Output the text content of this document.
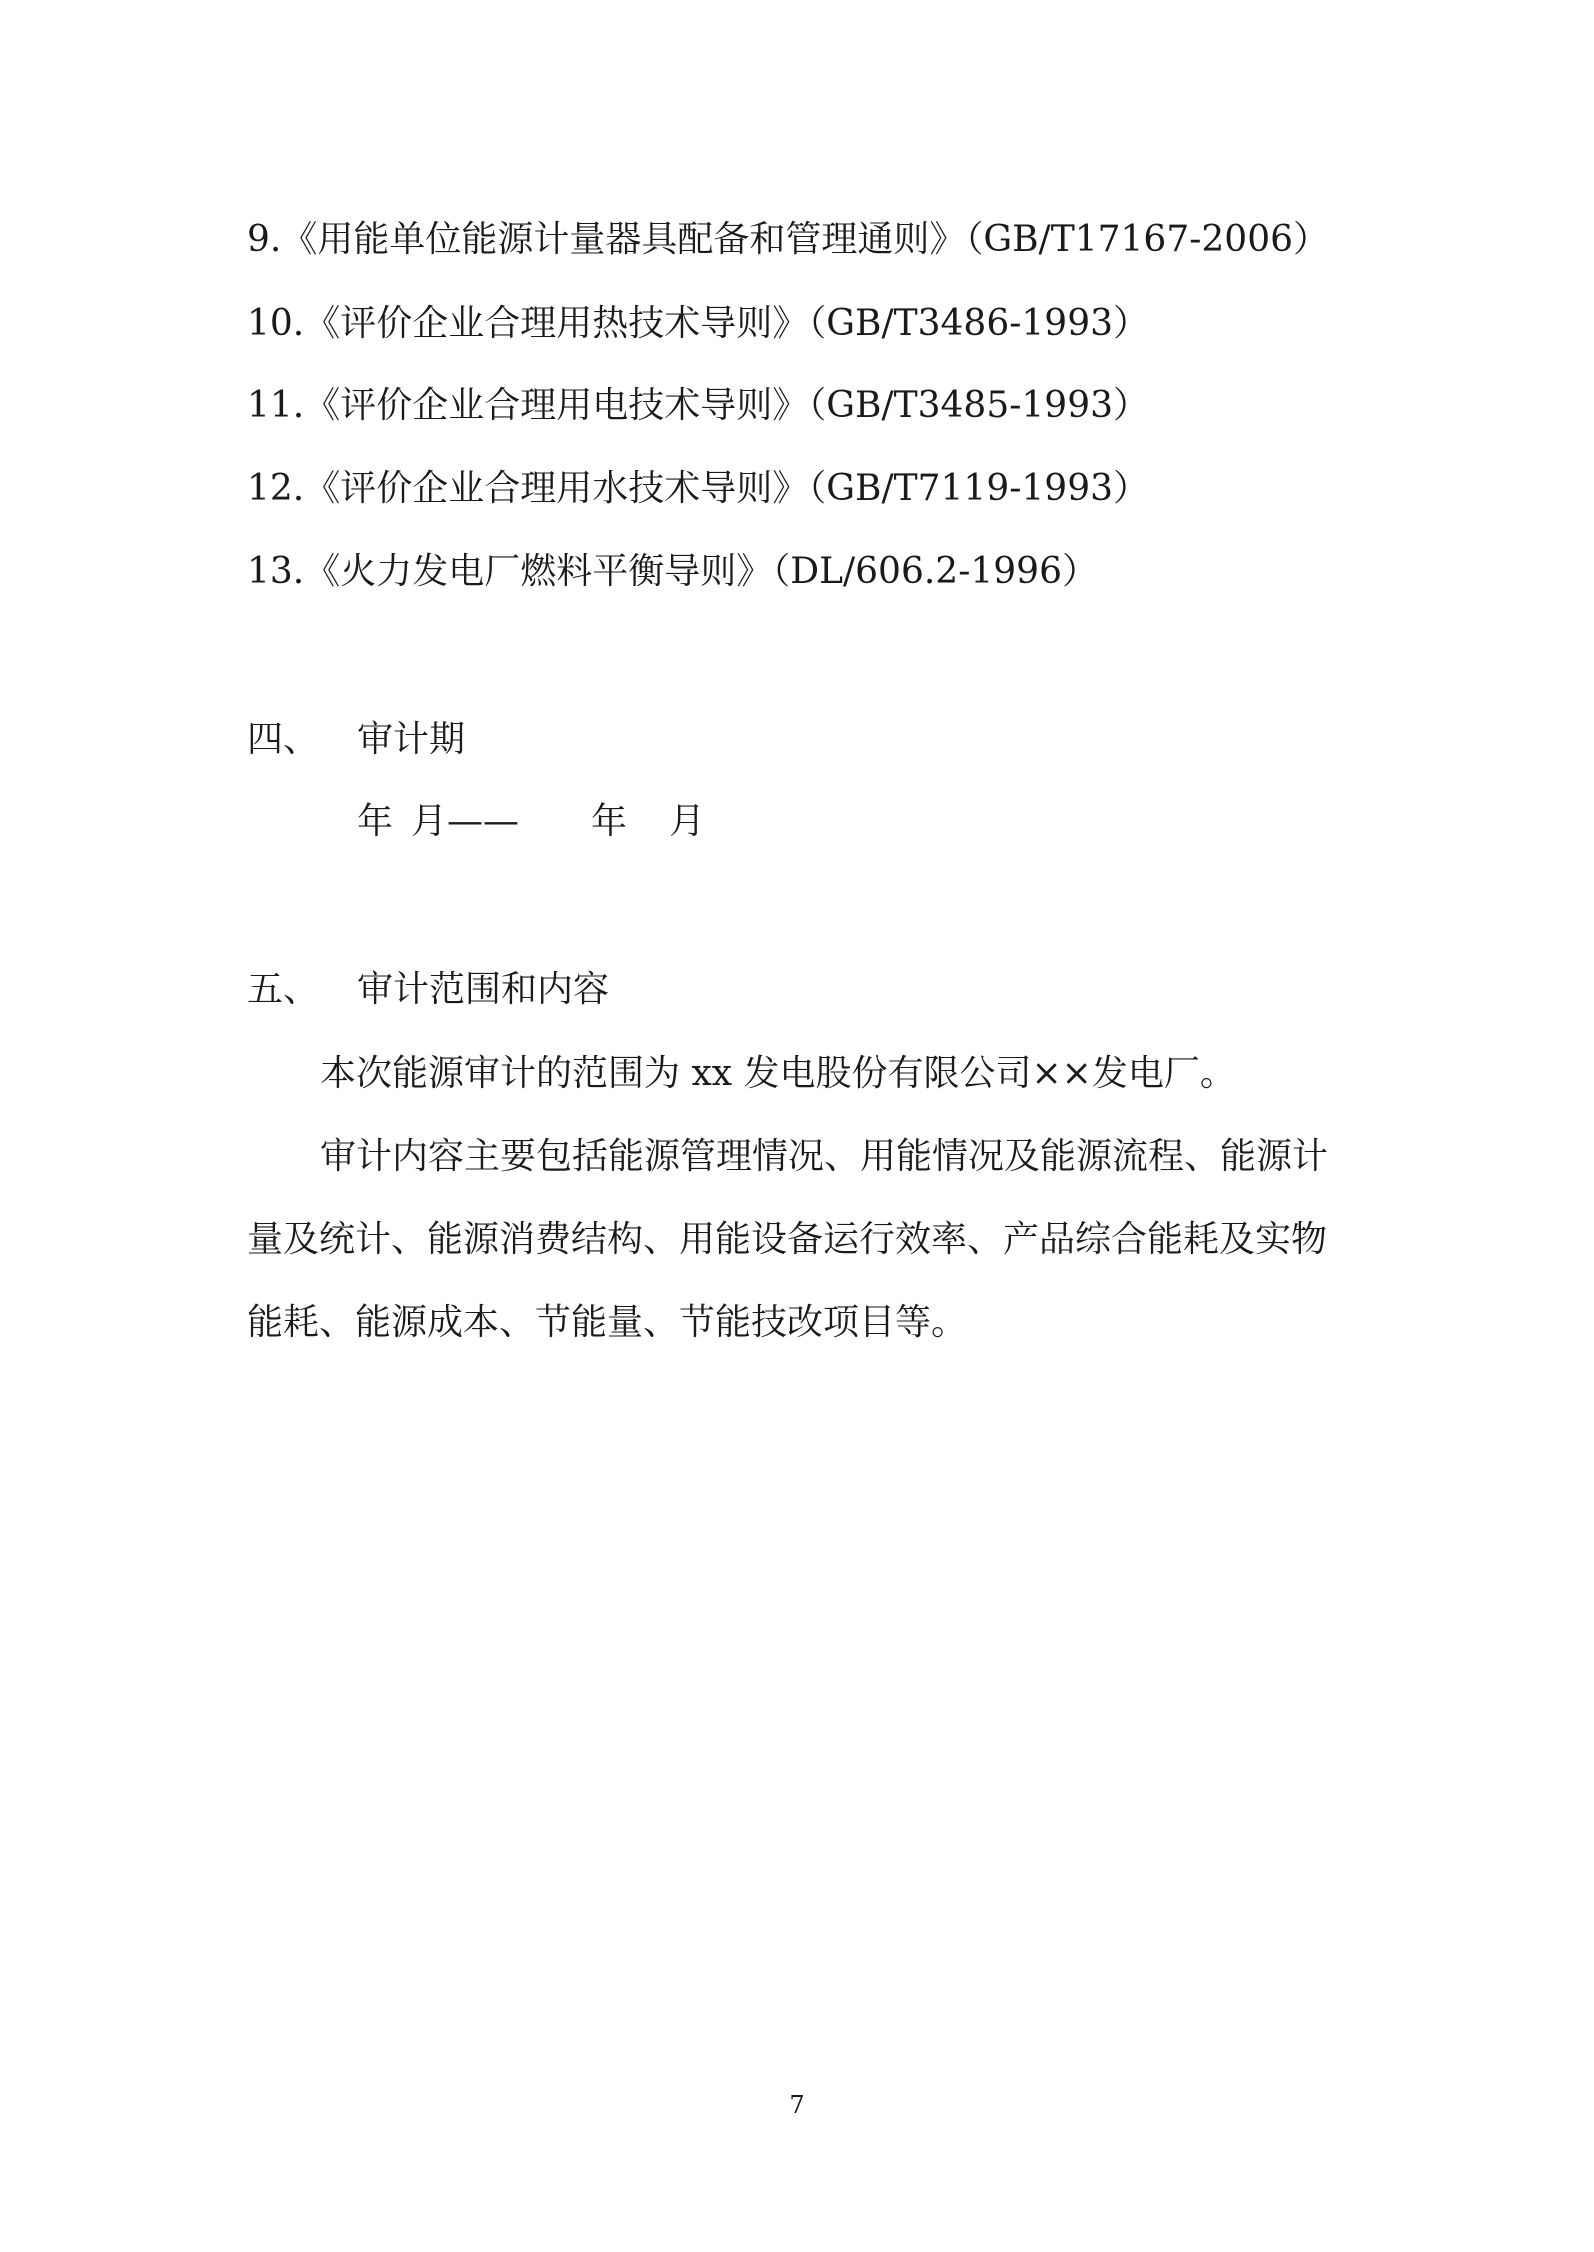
9.《用能单位能源计量器具配备和管理通则》（GB/T17167-2006）
10.《评价企业合理用热技术导则》（GB/T3486-1993）
11.《评价企业合理用电技术导则》（GB/T3485-1993）
12.《评价企业合理用水技术导则》（GB/T7119-1993）
13.《火力发电厂燃料平衡导则》（DL/606.2-1996）
四、 审计期
年 月—— 年 月
五、 审计范围和内容
本次能源审计的范围为 xx 发电股份有限公司××发电厂。
审计内容主要包括能源管理情况、用能情况及能源流程、能源计
量及统计、能源消费结构、用能设备运行效率、产品综合能耗及实物
能耗、能源成本、节能量、节能技改项目等。
7
